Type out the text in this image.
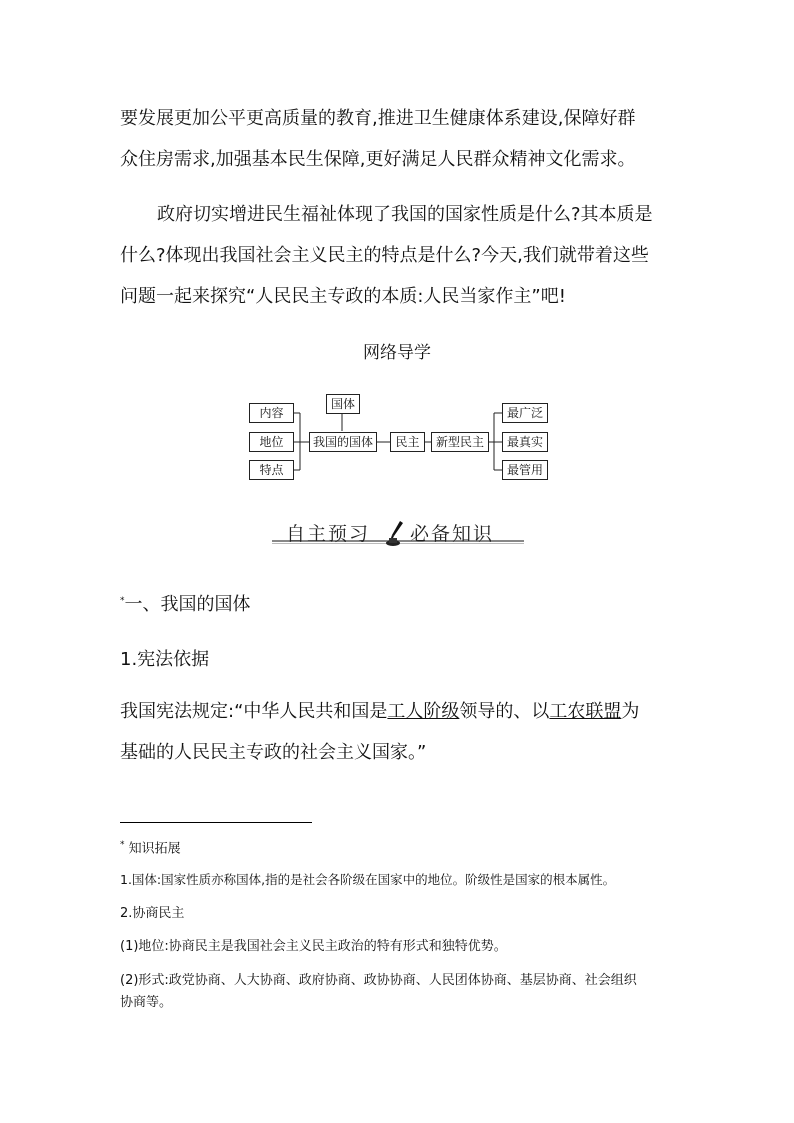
要发展更加公平更高质量的教育,推进卫生健康体系建设,保障好群

众住房需求,加强基本民生保障,更好满足人民群众精神文化需求。

政府切实增进民生福祉体现了我国的国家性质是什么?其本质是

什么?体现出我国社会主义民主的特点是什么?今天,我们就带着这些

问题一起来探究“人民民主专政的本质:人民当家作主”吧!

网络导学
内容
地位
特点
国体
我国的国体	民主	新型民主
最广泛
最真实
最管用
自主预习 必备知识
*一、我国的国体
1.宪法依据
我国宪法规定:“中华人民共和国是工人阶级领导的、以工农联盟为
基础的人民民主专政的社会主义国家。”
* 知识拓展
1.国体:国家性质亦称国体,指的是社会各阶级在国家中的地位。阶级性是国家的根本属性。
2.协商民主
(1)地位:协商民主是我国社会主义民主政治的特有形式和独特优势。
(2)形式:政党协商、人大协商、政府协商、政协协商、人民团体协商、基层协商、社会组织
协商等。
